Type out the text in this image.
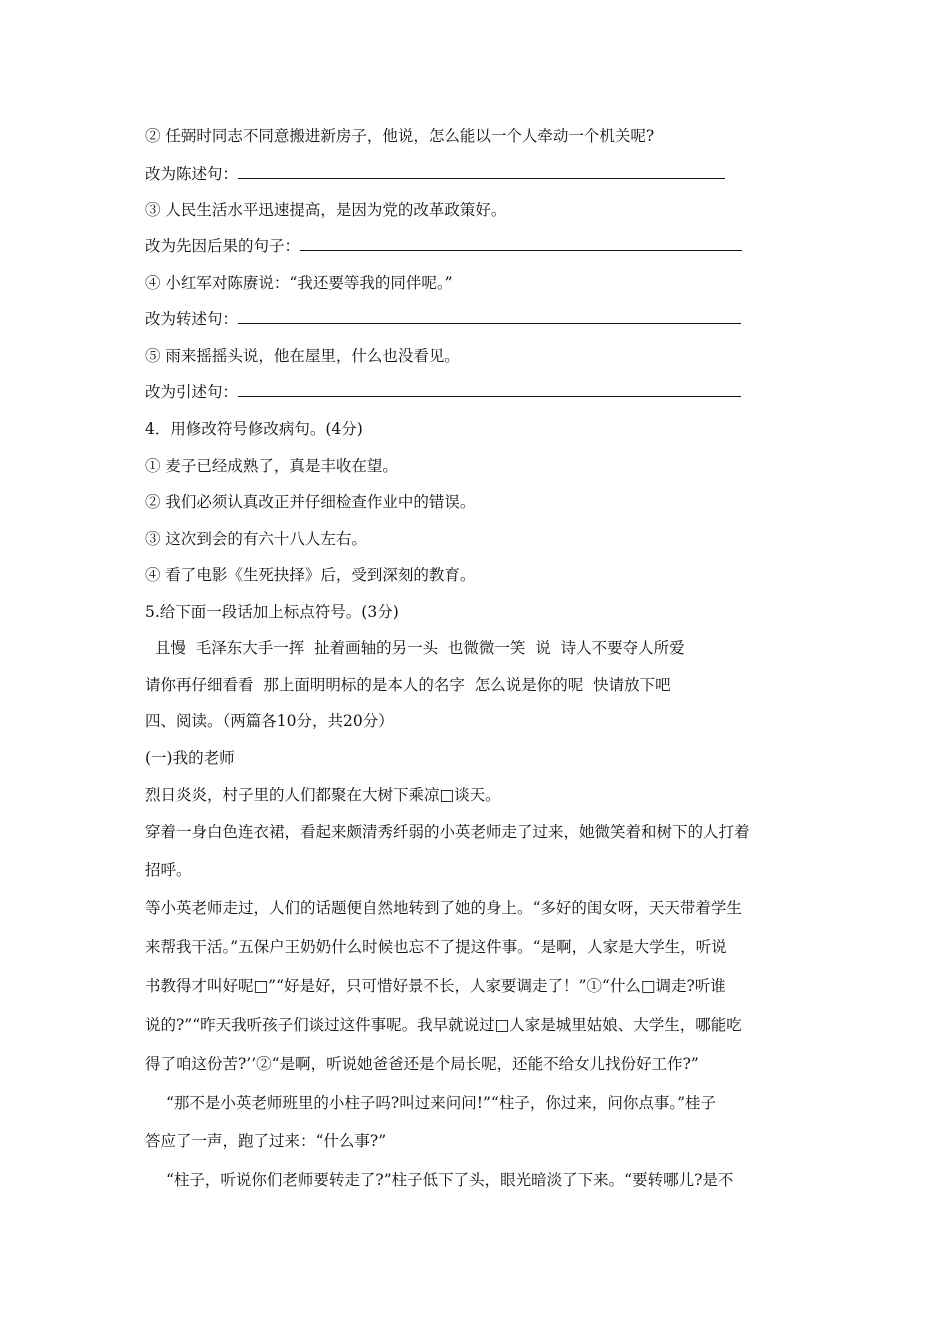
② 任弼时同志不同意搬进新房子，他说，怎么能以一个人牵动一个机关呢?
改为陈述句：
③ 人民生活水平迅速提高，是因为党的改革政策好。
改为先因后果的句子：
④ 小红军对陈赓说：“我还要等我的同伴呢。”
改为转述句：
⑤ 雨来摇摇头说，他在屋里，什么也没看见。
改为引述句：
4．用修改符号修改病句。(4分)
① 麦子已经成熟了，真是丰收在望。
② 我们必须认真改正并仔细检查作业中的错误。
③ 这次到会的有六十八人左右。
④ 看了电影《生死抉择》后，受到深刻的教育。
5.给下面一段话加上标点符号。(3分)
且慢  毛泽东大手一挥  扯着画轴的另一头  也微微一笑  说  诗人不要夺人所爱
请你再仔细看看  那上面明明标的是本人的名字  怎么说是你的呢  快请放下吧
四、阅读。（两篇各10分，共20分）
(一)我的老师
烈日炎炎，村子里的人们都聚在大树下乘凉□谈天。
穿着一身白色连衣裙，看起来颇清秀纤弱的小英老师走了过来，她微笑着和树下的人打着
招呼。
等小英老师走过，人们的话题便自然地转到了她的身上。“多好的闺女呀，天天带着学生
来帮我干活。”五保户王奶奶什么时候也忘不了提这件事。“是啊，人家是大学生，听说
书教得才叫好呢□”“好是好，只可惜好景不长，人家要调走了！”①“什么□调走?听谁
说的?”“昨天我听孩子们谈过这件事呢。我早就说过□人家是城里姑娘、大学生，哪能吃
得了咱这份苦?’’②“是啊，听说她爸爸还是个局长呢，还能不给女儿找份好工作?”
“那不是小英老师班里的小柱子吗?叫过来问问!”“柱子，你过来，问你点事。”桂子
答应了一声，跑了过来：“什么事?”
“柱子，听说你们老师要转走了?”柱子低下了头，眼光暗淡了下来。“要转哪儿?是不
